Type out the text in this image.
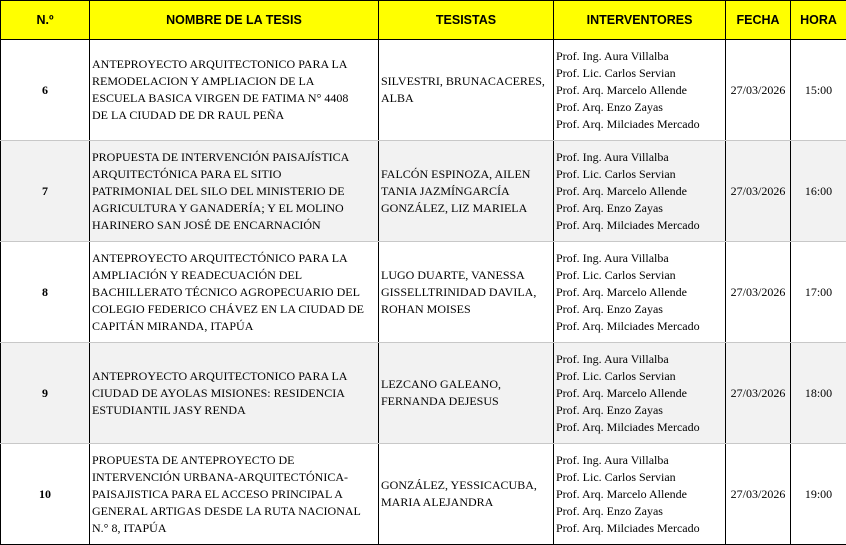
N.º	NOMBRE DE LA TESIS	TESISTAS	INTERVENTORES	FECHA	HORA
6	ANTEPROYECTO ARQUITECTONICO PARA LA
REMODELACION Y AMPLIACION DE LA
ESCUELA BASICA VIRGEN DE FATIMA N° 4408
DE LA CIUDAD DE DR RAUL PEÑA	SILVESTRI, BRUNACACERES,
ALBA	Prof. Ing. Aura Villalba
Prof. Lic. Carlos Servian
Prof. Arq. Marcelo Allende
Prof. Arq. Enzo Zayas
Prof. Arq. Milciades Mercado	27/03/2026	15:00
7	PROPUESTA DE INTERVENCIÓN PAISAJÍSTICA
ARQUITECTÓNICA PARA EL SITIO
PATRIMONIAL DEL SILO DEL MINISTERIO DE
AGRICULTURA Y GANADERÍA; Y EL MOLINO
HARINERO SAN JOSÉ DE ENCARNACIÓN	FALCÓN ESPINOZA, AILEN
TANIA JAZMÍNGARCÍA
GONZÁLEZ, LIZ MARIELA	Prof. Ing. Aura Villalba
Prof. Lic. Carlos Servian
Prof. Arq. Marcelo Allende
Prof. Arq. Enzo Zayas
Prof. Arq. Milciades Mercado	27/03/2026	16:00
8	ANTEPROYECTO ARQUITECTÓNICO PARA LA
AMPLIACIÓN Y READECUACIÓN DEL
BACHILLERATO TÉCNICO AGROPECUARIO DEL
COLEGIO FEDERICO CHÁVEZ EN LA CIUDAD DE
CAPITÁN MIRANDA, ITAPÚA	LUGO DUARTE, VANESSA
GISSELLTRINIDAD DAVILA,
ROHAN MOISES	Prof. Ing. Aura Villalba
Prof. Lic. Carlos Servian
Prof. Arq. Marcelo Allende
Prof. Arq. Enzo Zayas
Prof. Arq. Milciades Mercado	27/03/2026	17:00
9	ANTEPROYECTO ARQUITECTONICO PARA LA
CIUDAD DE AYOLAS MISIONES: RESIDENCIA
ESTUDIANTIL JASY RENDA	LEZCANO GALEANO,
FERNANDA DEJESUS	Prof. Ing. Aura Villalba
Prof. Lic. Carlos Servian
Prof. Arq. Marcelo Allende
Prof. Arq. Enzo Zayas
Prof. Arq. Milciades Mercado	27/03/2026	18:00
10	PROPUESTA DE ANTEPROYECTO DE
INTERVENCIÓN URBANA-ARQUITECTÓNICA-
PAISAJISTICA PARA EL ACCESO PRINCIPAL A
GENERAL ARTIGAS DESDE LA RUTA NACIONAL
N.° 8, ITAPÚA	GONZÁLEZ, YESSICACUBA,
MARIA ALEJANDRA	Prof. Ing. Aura Villalba
Prof. Lic. Carlos Servian
Prof. Arq. Marcelo Allende
Prof. Arq. Enzo Zayas
Prof. Arq. Milciades Mercado	27/03/2026	19:00
